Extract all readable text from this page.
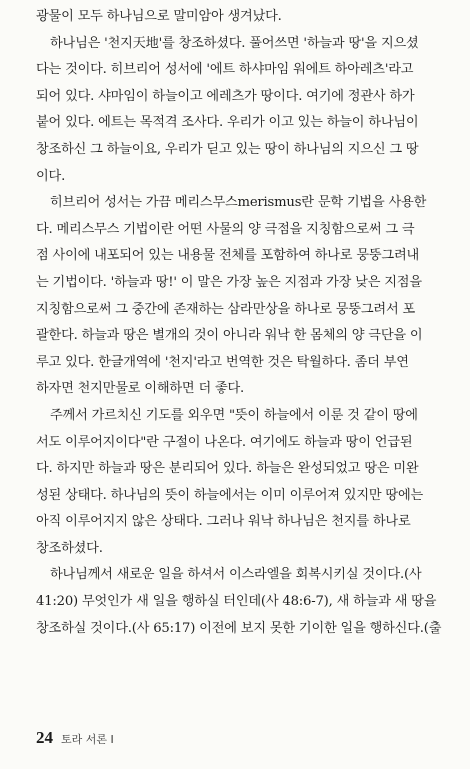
광물이 모두 하나님으로 말미암아 생겨났다.
하나님은 '천지天地'를 창조하셨다. 풀어쓰면 '하늘과 땅'을 지으셨
다는 것이다. 히브리어 성서에 '에트 하샤마임 워에트 하아레츠'라고
되어 있다. 샤마임이 하늘이고 에레츠가 땅이다. 여기에 정관사 하가
붙어 있다. 에트는 목적격 조사다. 우리가 이고 있는 하늘이 하나님이
창조하신 그 하늘이요, 우리가 딛고 있는 땅이 하나님의 지으신 그 땅
이다.
히브리어 성서는 가끔 메리스무스merismus란 문학 기법을 사용한
다. 메리스무스 기법이란 어떤 사물의 양 극점을 지칭함으로써 그 극
점 사이에 내포되어 있는 내용물 전체를 포함하여 하나로 뭉뚱그려내
는 기법이다. '하늘과 땅!' 이 말은 가장 높은 지점과 가장 낮은 지점을
지칭함으로써 그 중간에 존재하는 삼라만상을 하나로 뭉뚱그려서 포
괄한다. 하늘과 땅은 별개의 것이 아니라 워낙 한 몸체의 양 극단을 이
루고 있다. 한글개역에 '천지'라고 번역한 것은 탁월하다. 좀더 부연
하자면 천지만물로 이해하면 더 좋다.
주께서 가르치신 기도를 외우면 "뜻이 하늘에서 이룬 것 같이 땅에
서도 이루어지이다"란 구절이 나온다. 여기에도 하늘과 땅이 언급된
다. 하지만 하늘과 땅은 분리되어 있다. 하늘은 완성되었고 땅은 미완
성된 상태다. 하나님의 뜻이 하늘에서는 이미 이루어져 있지만 땅에는
아직 이루어지지 않은 상태다. 그러나 워낙 하나님은 천지를 하나로
창조하셨다.
하나님께서 새로운 일을 하셔서 이스라엘을 회복시키실 것이다.(사
41:20) 무엇인가 새 일을 행하실 터인데(사 48:6-7), 새 하늘과 새 땅을
창조하실 것이다.(사 65:17) 이전에 보지 못한 기이한 일을 행하신다.(출
24 토라 서론 I
